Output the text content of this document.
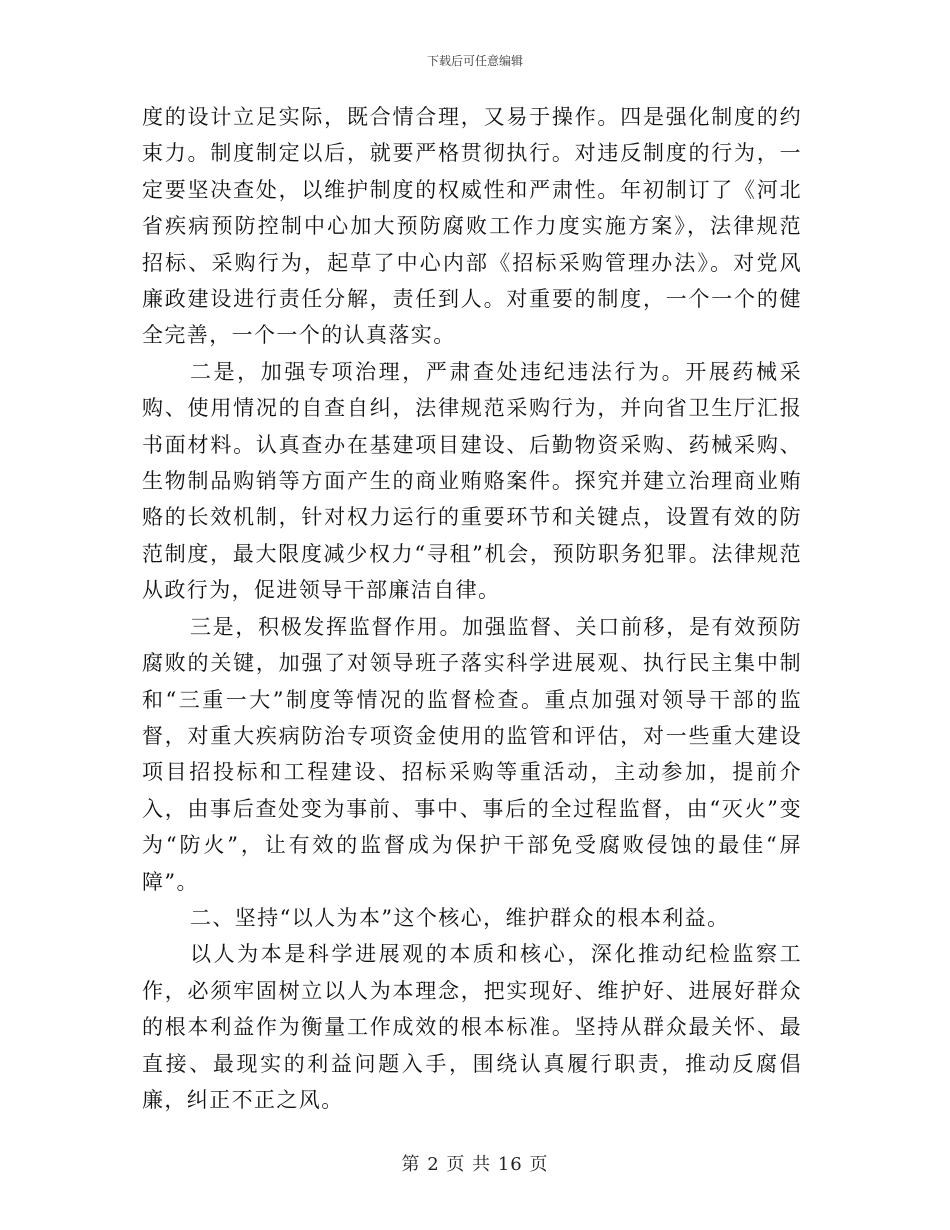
下载后可任意编辑

度的设计立足实际，既合情合理，又易于操作。四是强化制度的约束力。制度制定以后，就要严格贯彻执行。对违反制度的行为，一定要坚决查处，以维护制度的权威性和严肃性。年初制订了《河北省疾病预防控制中心加大预防腐败工作力度实施方案》，法律规范招标、采购行为，起草了中心内部《招标采购管理办法》。对党风廉政建设进行责任分解，责任到人。对重要的制度，一个一个的健全完善，一个一个的认真落实。

二是，加强专项治理，严肃查处违纪违法行为。开展药械采购、使用情况的自查自纠，法律规范采购行为，并向省卫生厅汇报书面材料。认真查办在基建项目建设、后勤物资采购、药械采购、生物制品购销等方面产生的商业贿赂案件。探究并建立治理商业贿赂的长效机制，针对权力运行的重要环节和关键点，设置有效的防范制度，最大限度减少权力“寻租”机会，预防职务犯罪。法律规范从政行为，促进领导干部廉洁自律。

三是，积极发挥监督作用。加强监督、关口前移，是有效预防腐败的关键，加强了对领导班子落实科学进展观、执行民主集中制和“三重一大”制度等情况的监督检查。重点加强对领导干部的监督，对重大疾病防治专项资金使用的监管和评估，对一些重大建设项目招投标和工程建设、招标采购等重活动，主动参加，提前介入，由事后查处变为事前、事中、事后的全过程监督，由“灭火”变为“防火”，让有效的监督成为保护干部免受腐败侵蚀的最佳“屏障”。

二、坚持“以人为本”这个核心，维护群众的根本利益。

以人为本是科学进展观的本质和核心，深化推动纪检监察工作，必须牢固树立以人为本理念，把实现好、维护好、进展好群众的根本利益作为衡量工作成效的根本标准。坚持从群众最关怀、最直接、最现实的利益问题入手，围绕认真履行职责，推动反腐倡廉，纠正不正之风。

第 2 页 共 16 页
